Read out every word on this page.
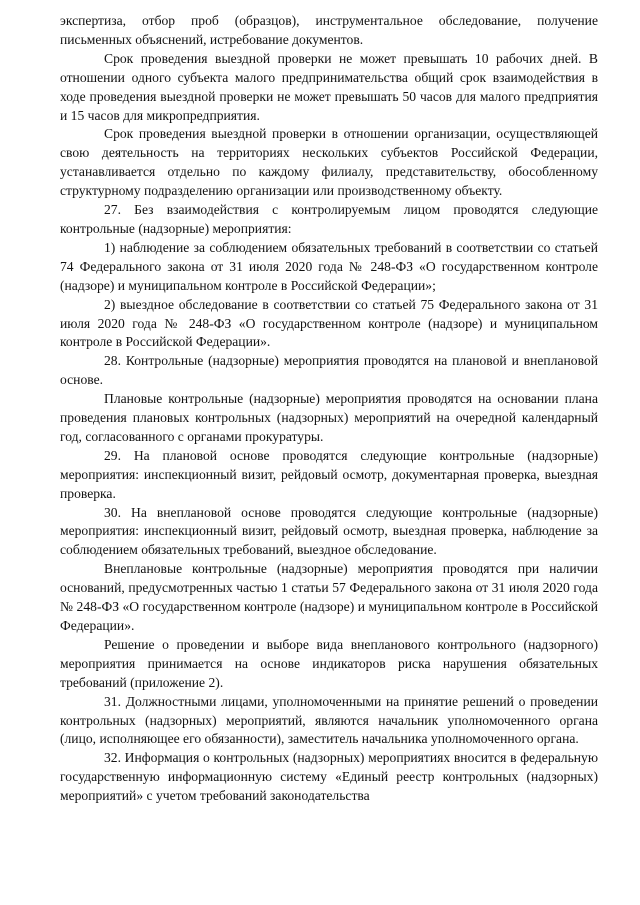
экспертиза, отбор проб (образцов), инструментальное обследование, получение письменных объяснений, истребование документов.

Срок проведения выездной проверки не может превышать 10 рабочих дней. В отношении одного субъекта малого предпринимательства общий срок взаимодействия в ходе проведения выездной проверки не может превышать 50 часов для малого предприятия и 15 часов для микропредприятия.

Срок проведения выездной проверки в отношении организации, осуществляющей свою деятельность на территориях нескольких субъектов Российской Федерации, устанавливается отдельно по каждому филиалу, представительству, обособленному структурному подразделению организации или производственному объекту.

27. Без взаимодействия с контролируемым лицом проводятся следующие контрольные (надзорные) мероприятия:

1) наблюдение за соблюдением обязательных требований в соответствии со статьей 74 Федерального закона от 31 июля 2020 года № 248-ФЗ «О государственном контроле (надзоре) и муниципальном контроле в Российской Федерации»;

2) выездное обследование в соответствии со статьей 75 Федерального закона от 31 июля 2020 года № 248-ФЗ «О государственном контроле (надзоре) и муниципальном контроле в Российской Федерации».

28. Контрольные (надзорные) мероприятия проводятся на плановой и внеплановой основе.

Плановые контрольные (надзорные) мероприятия проводятся на основании плана проведения плановых контрольных (надзорных) мероприятий на очередной календарный год, согласованного с органами прокуратуры.

29. На плановой основе проводятся следующие контрольные (надзорные) мероприятия: инспекционный визит, рейдовый осмотр, документарная проверка, выездная проверка.

30. На внеплановой основе проводятся следующие контрольные (надзорные) мероприятия: инспекционный визит, рейдовый осмотр, выездная проверка, наблюдение за соблюдением обязательных требований, выездное обследование.

Внеплановые контрольные (надзорные) мероприятия проводятся при наличии оснований, предусмотренных частью 1 статьи 57 Федерального закона от 31 июля 2020 года № 248-ФЗ «О государственном контроле (надзоре) и муниципальном контроле в Российской Федерации».

Решение о проведении и выборе вида внепланового контрольного (надзорного) мероприятия принимается на основе индикаторов риска нарушения обязательных требований (приложение 2).

31. Должностными лицами, уполномоченными на принятие решений о проведении контрольных (надзорных) мероприятий, являются начальник уполномоченного органа (лицо, исполняющее его обязанности), заместитель начальника уполномоченного органа.

32. Информация о контрольных (надзорных) мероприятиях вносится в федеральную государственную информационную систему «Единый реестр контрольных (надзорных) мероприятий» с учетом требований законодательства
